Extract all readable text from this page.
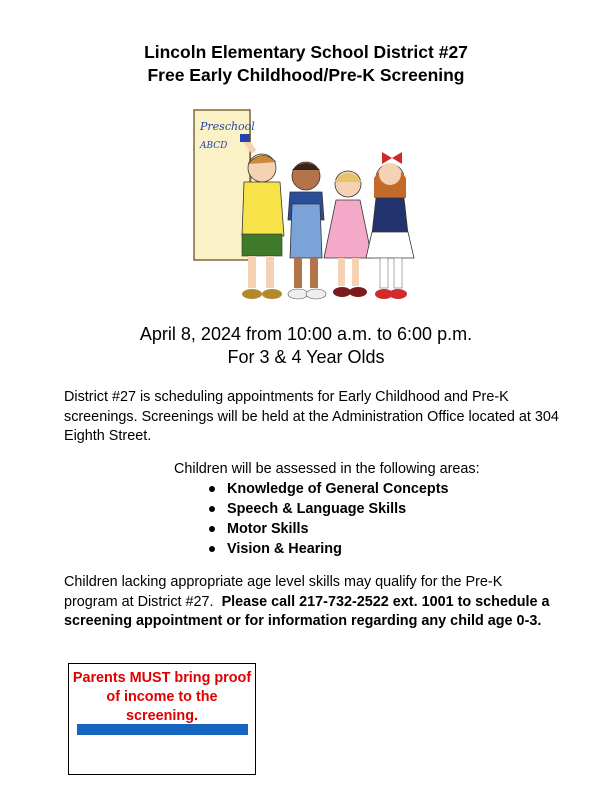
Lincoln Elementary School District #27
Free Early Childhood/Pre-K Screening
Preschool
ABCD
April 8, 2024 from 10:00 a.m. to 6:00 p.m.
For 3 & 4 Year Olds
District #27 is scheduling appointments for Early Childhood and Pre-K screenings. Screenings will be held at the Administration Office located at 304 Eighth Street.
Children will be assessed in the following areas:
Knowledge of General Concepts
Speech & Language Skills
Motor Skills
Vision & Hearing
Children lacking appropriate age level skills may qualify for the Pre-K program at District #27. Please call 217-732-2522 ext. 1001 to schedule a screening appointment or for information regarding any child age 0-3.
Parents MUST bring proof of income to the screening.
